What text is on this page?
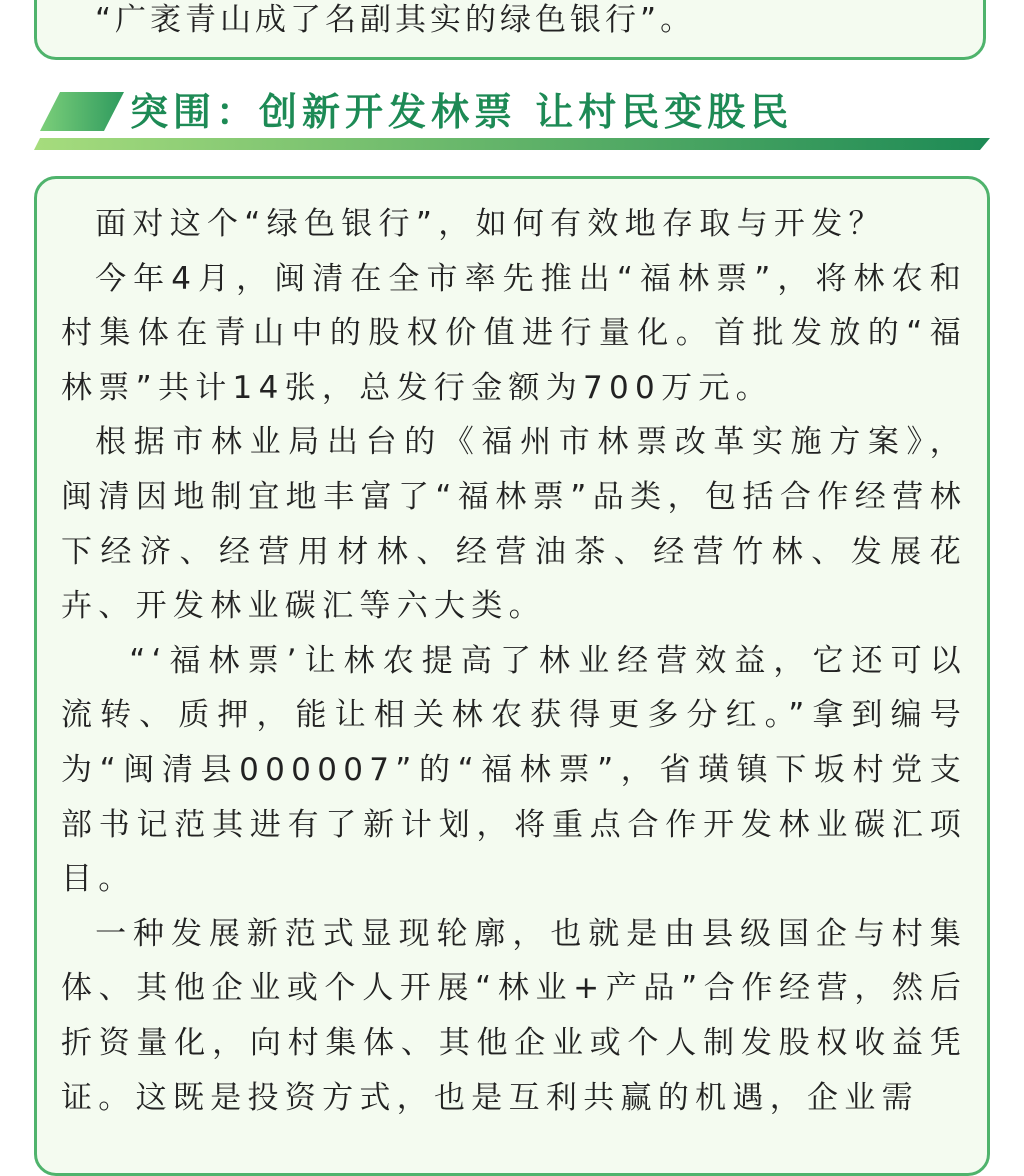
“广袤青山成了名副其实的绿色银行”。
突围：创新开发林票 让村民变股民

面对这个“绿色银行”，如何有效地存取与开发？

今年4月，闽清在全市率先推出“福林票”，将林农和村集体在青山中的股权价值进行量化。首批发放的“福林票”共计14张，总发行金额为700万元。

根据市林业局出台的《福州市林票改革实施方案》，闽清因地制宜地丰富了“福林票”品类，包括合作经营林下经济、经营用材林、经营油茶、经营竹林、发展花卉、开发林业碳汇等六大类。

“‘福林票’让林农提高了林业经营效益，它还可以流转、质押，能让相关林农获得更多分红。”拿到编号为“闽清县000007”的“福林票”，省璜镇下坂村党支部书记范其进有了新计划，将重点合作开发林业碳汇项目。

一种发展新范式显现轮廓，也就是由县级国企与村集体、其他企业或个人开展“林业+产品”合作经营，然后折资量化，向村集体、其他企业或个人制发股权收益凭证。这既是投资方式，也是互利共赢的机遇，企业需
